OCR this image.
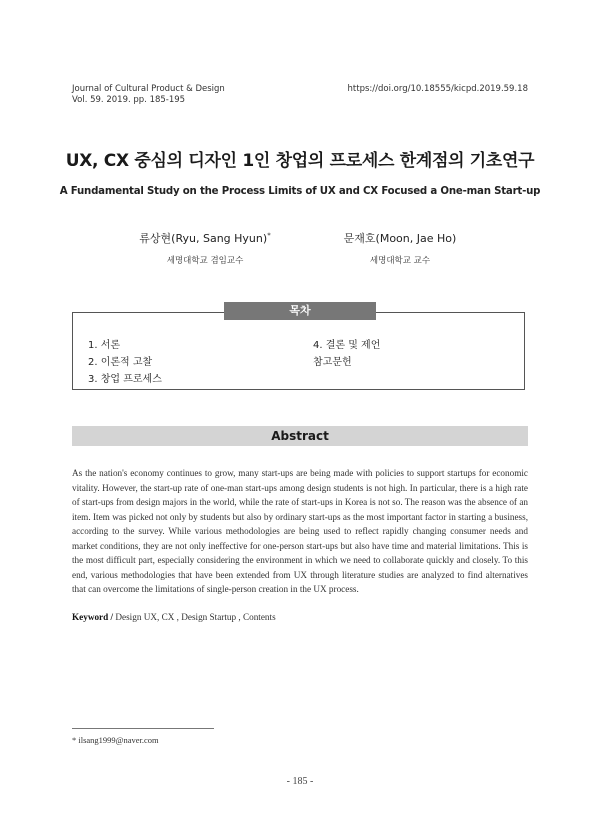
Journal of Cultural Product & Design
Vol. 59. 2019. pp. 185-195
https://doi.org/10.18555/kicpd.2019.59.18
UX, CX 중심의 디자인 1인 창업의 프로세스 한계점의 기초연구
A Fundamental Study on the Process Limits of UX and CX Focused a One-man Start-up
류상현(Ryu, Sang Hyun)*
세명대학교 겸임교수
문재호(Moon, Jae Ho)
세명대학교 교수
목차
1. 서론
2. 이론적 고찰
3. 창업 프로세스
4. 결론 및 제언
참고문헌
Abstract
As the nation's economy continues to grow, many start-ups are being made with policies to support startups for economic vitality. However, the start-up rate of one-man start-ups among design students is not high. In particular, there is a high rate of start-ups from design majors in the world, while the rate of start-ups in Korea is not so. The reason was the absence of an item. Item was picked not only by students but also by ordinary start-ups as the most important factor in starting a business, according to the survey. While various methodologies are being used to reflect rapidly changing consumer needs and market conditions, they are not only ineffective for one-person start-ups but also have time and material limitations. This is the most difficult part, especially considering the environment in which we need to collaborate quickly and closely. To this end, various methodologies that have been extended from UX through literature studies are analyzed to find alternatives that can overcome the limitations of single-person creation in the UX process.
Keyword / Design UX, CX , Design Startup , Contents
* ilsang1999@naver.com
- 185 -
